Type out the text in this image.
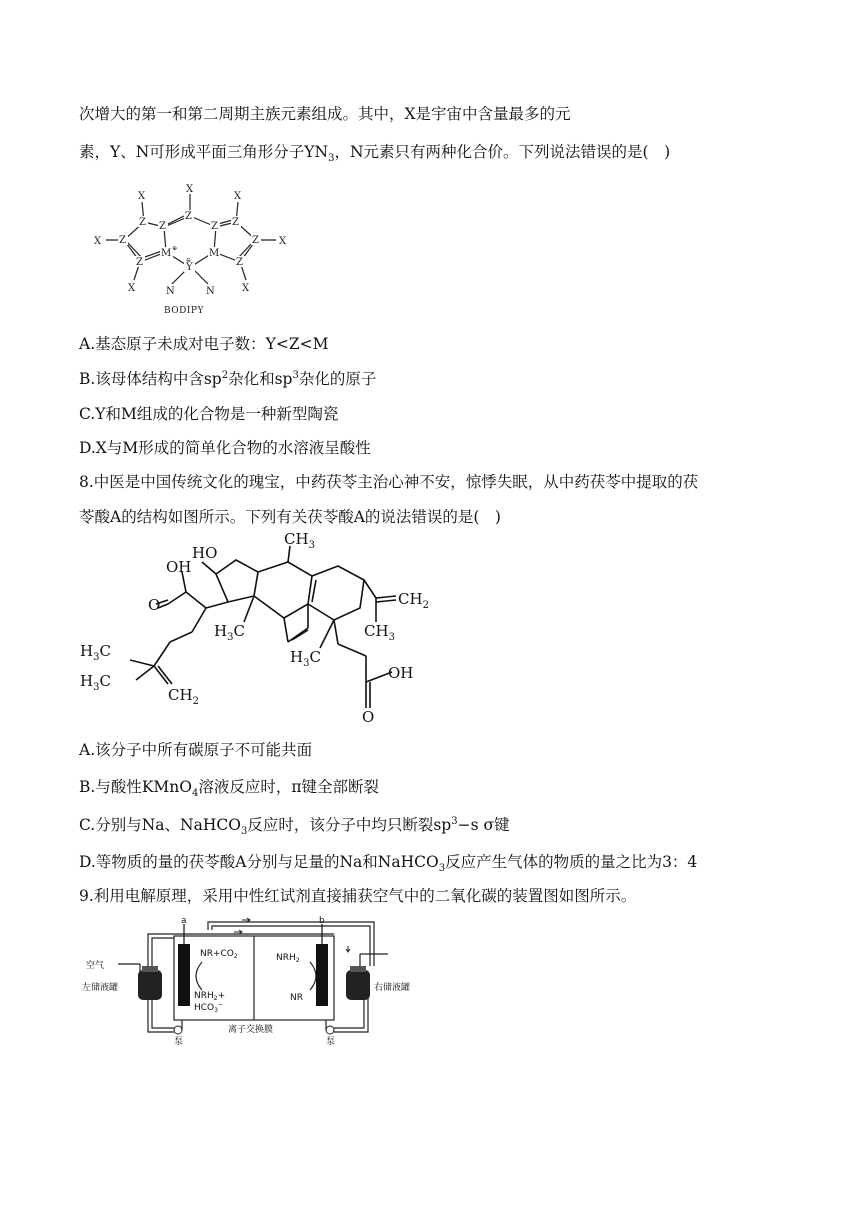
次增大的第一和第二周期主族元素组成。其中，X是宇宙中含量最多的元
素，Y、N可形成平面三角形分子$YN_3$，N元素只有两种化合价。下列说法错误的是(　)
Z Z
Z
Z Z
Z	Z
Z	Z
M ⊕	M
Y
⊖
X
X
X
X	X
X	X
N	N
BODIPY
A.基态原子未成对电子数：Y<Z<M
B.该母体结构中含$sp^2$杂化和$sp^3$杂化的原子
C.Y和M组成的化合物是一种新型陶瓷
D.X与M形成的简单化合物的水溶液呈酸性
8.中医是中国传统文化的瑰宝，中药茯苓主治心神不安，惊悸失眠，从中药茯苓中提取的茯
苓酸A的结构如图所示。下列有关茯苓酸A的说法错误的是(　)
HO
OH
O
$CH_3$
$CH_2$
$H_3C$
$H_3C$
$CH_3$
OH
O
$H_3C$
$H_3C$
$CH_2$
A.该分子中所有碳原子不可能共面
B.与酸性KMnO$_4$溶液反应时，π键全部断裂
C.分别与Na、NaHCO$_3$反应时，该分子中均只断裂$sp^3-s$ σ键
D.等物质的量的茯苓酸A分别与足量的Na和NaHCO$_3$反应产生气体的物质的量之比为3：4
9.利用电解原理，采用中性红试剂直接捕获空气中的二氧化碳的装置图如图所示。
空气
左储液罐	右储液罐
a	b
$NR+CO_2$
$NRH_2+$
$HCO_3^-$
$NRH_2$
NR
离子交换膜
泵	泵
